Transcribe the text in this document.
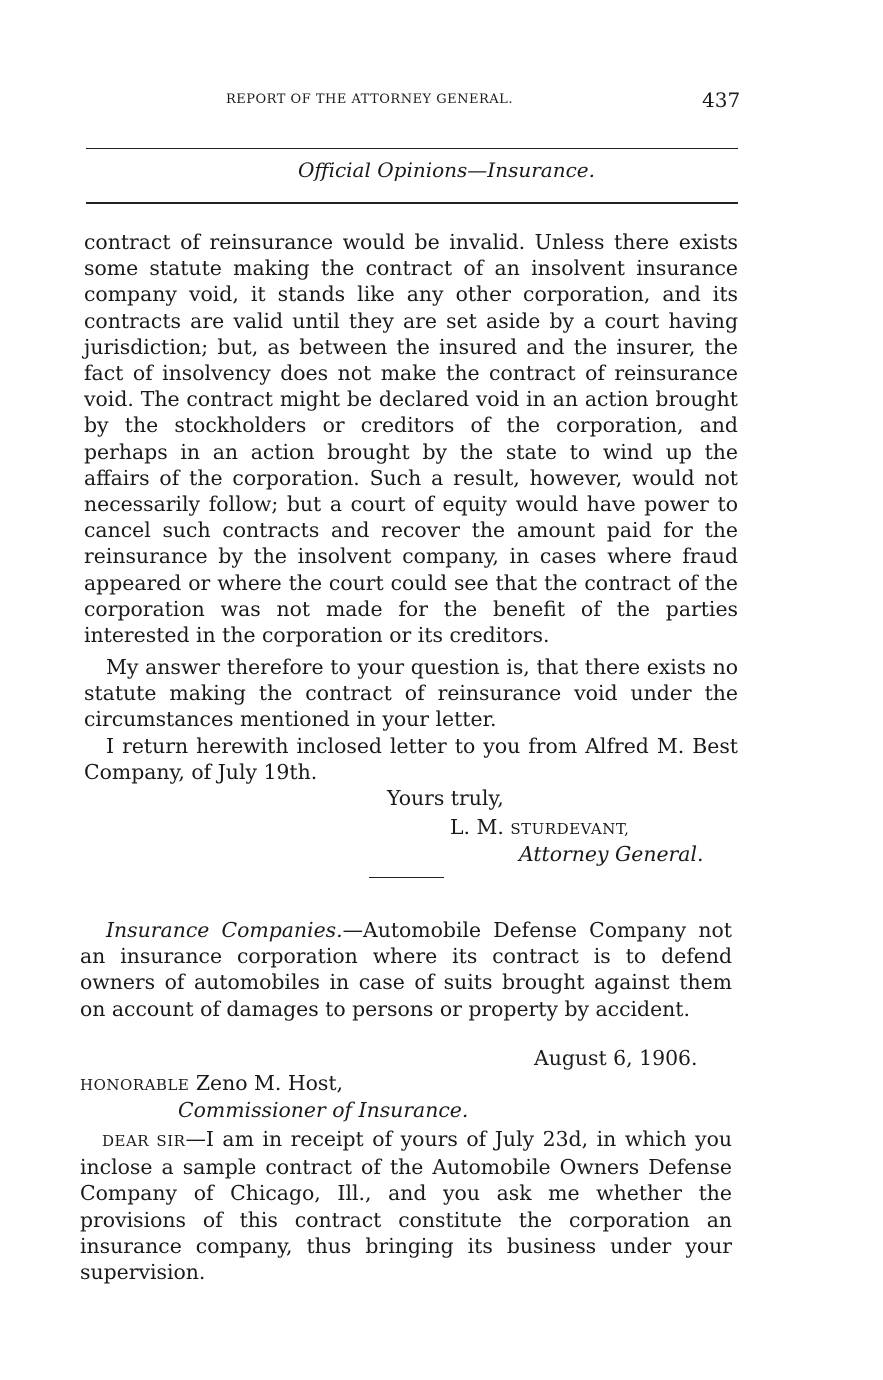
REPORT OF THE ATTORNEY GENERAL.	437
Official Opinions—Insurance.

contract of reinsurance would be invalid. Unless there exists some statute making the contract of an insolvent insurance company void, it stands like any other corporation, and its contracts are valid until they are set aside by a court having jurisdiction; but, as between the insured and the insurer, the fact of insolvency does not make the contract of reinsurance void. The contract might be declared void in an action brought by the stockholders or creditors of the corporation, and perhaps in an action brought by the state to wind up the affairs of the corporation. Such a result, however, would not necessarily follow; but a court of equity would have power to cancel such contracts and recover the amount paid for the reinsurance by the insolvent company, in cases where fraud appeared or where the court could see that the contract of the corporation was not made for the benefit of the parties interested in the corporation or its creditors.

My answer therefore to your question is, that there exists no statute making the contract of reinsurance void under the circumstances mentioned in your letter.

I return herewith inclosed letter to you from Alfred M. Best Company, of July 19th.

Yours truly,
L. M. STURDEVANT,
Attorney General.

Insurance Companies.—Automobile Defense Company not an insurance corporation where its contract is to defend owners of automobiles in case of suits brought against them on account of damages to persons or property by accident.

August 6, 1906.
HONORABLE Zeno M. Host,
Commissioner of Insurance.

DEAR SIR—I am in receipt of yours of July 23d, in which you inclose a sample contract of the Automobile Owners Defense Company of Chicago, Ill., and you ask me whether the provisions of this contract constitute the corporation an insurance company, thus bringing its business under your supervision.
